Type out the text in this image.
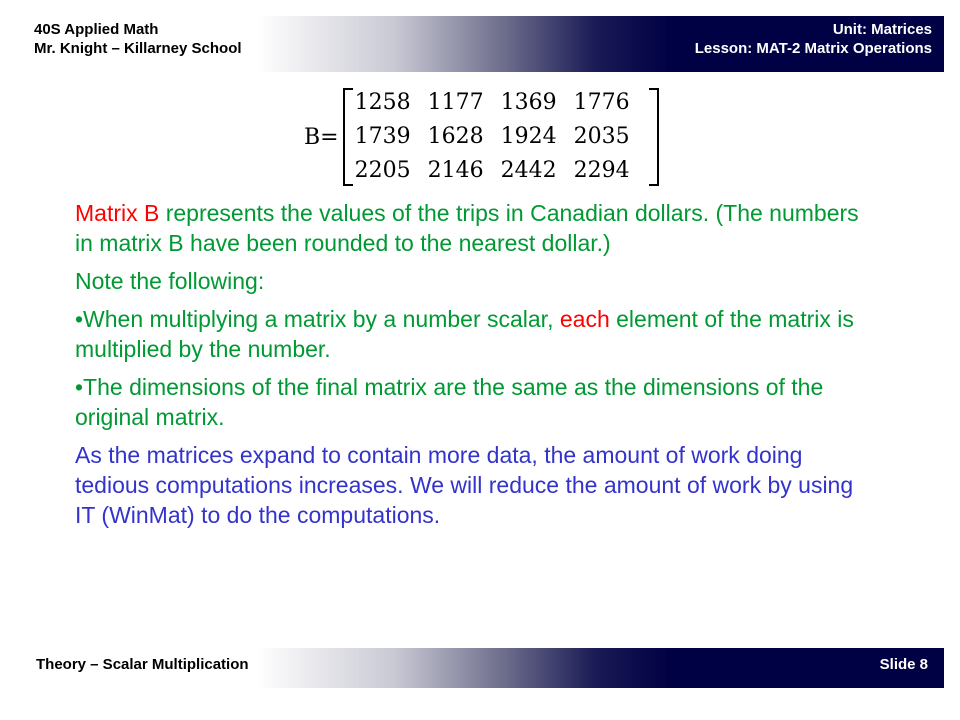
40S Applied Math
Mr. Knight – Killarney School
Unit: Matrices
Lesson: MAT-2 Matrix Operations
B=
1258 1177 1369 1776
1739 1628 1924 2035
2205 2146 2442 2294

Matrix B represents the values of the trips in Canadian dollars. (The numbers in matrix B have been rounded to the nearest dollar.)

Note the following:

•When multiplying a matrix by a number scalar, each element of the matrix is multiplied by the number.

•The dimensions of the final matrix are the same as the dimensions of the original matrix.

As the matrices expand to contain more data, the amount of work doing tedious computations increases. We will reduce the amount of work by using IT (WinMat) to do the computations.

Theory – Scalar Multiplication	Slide 8
